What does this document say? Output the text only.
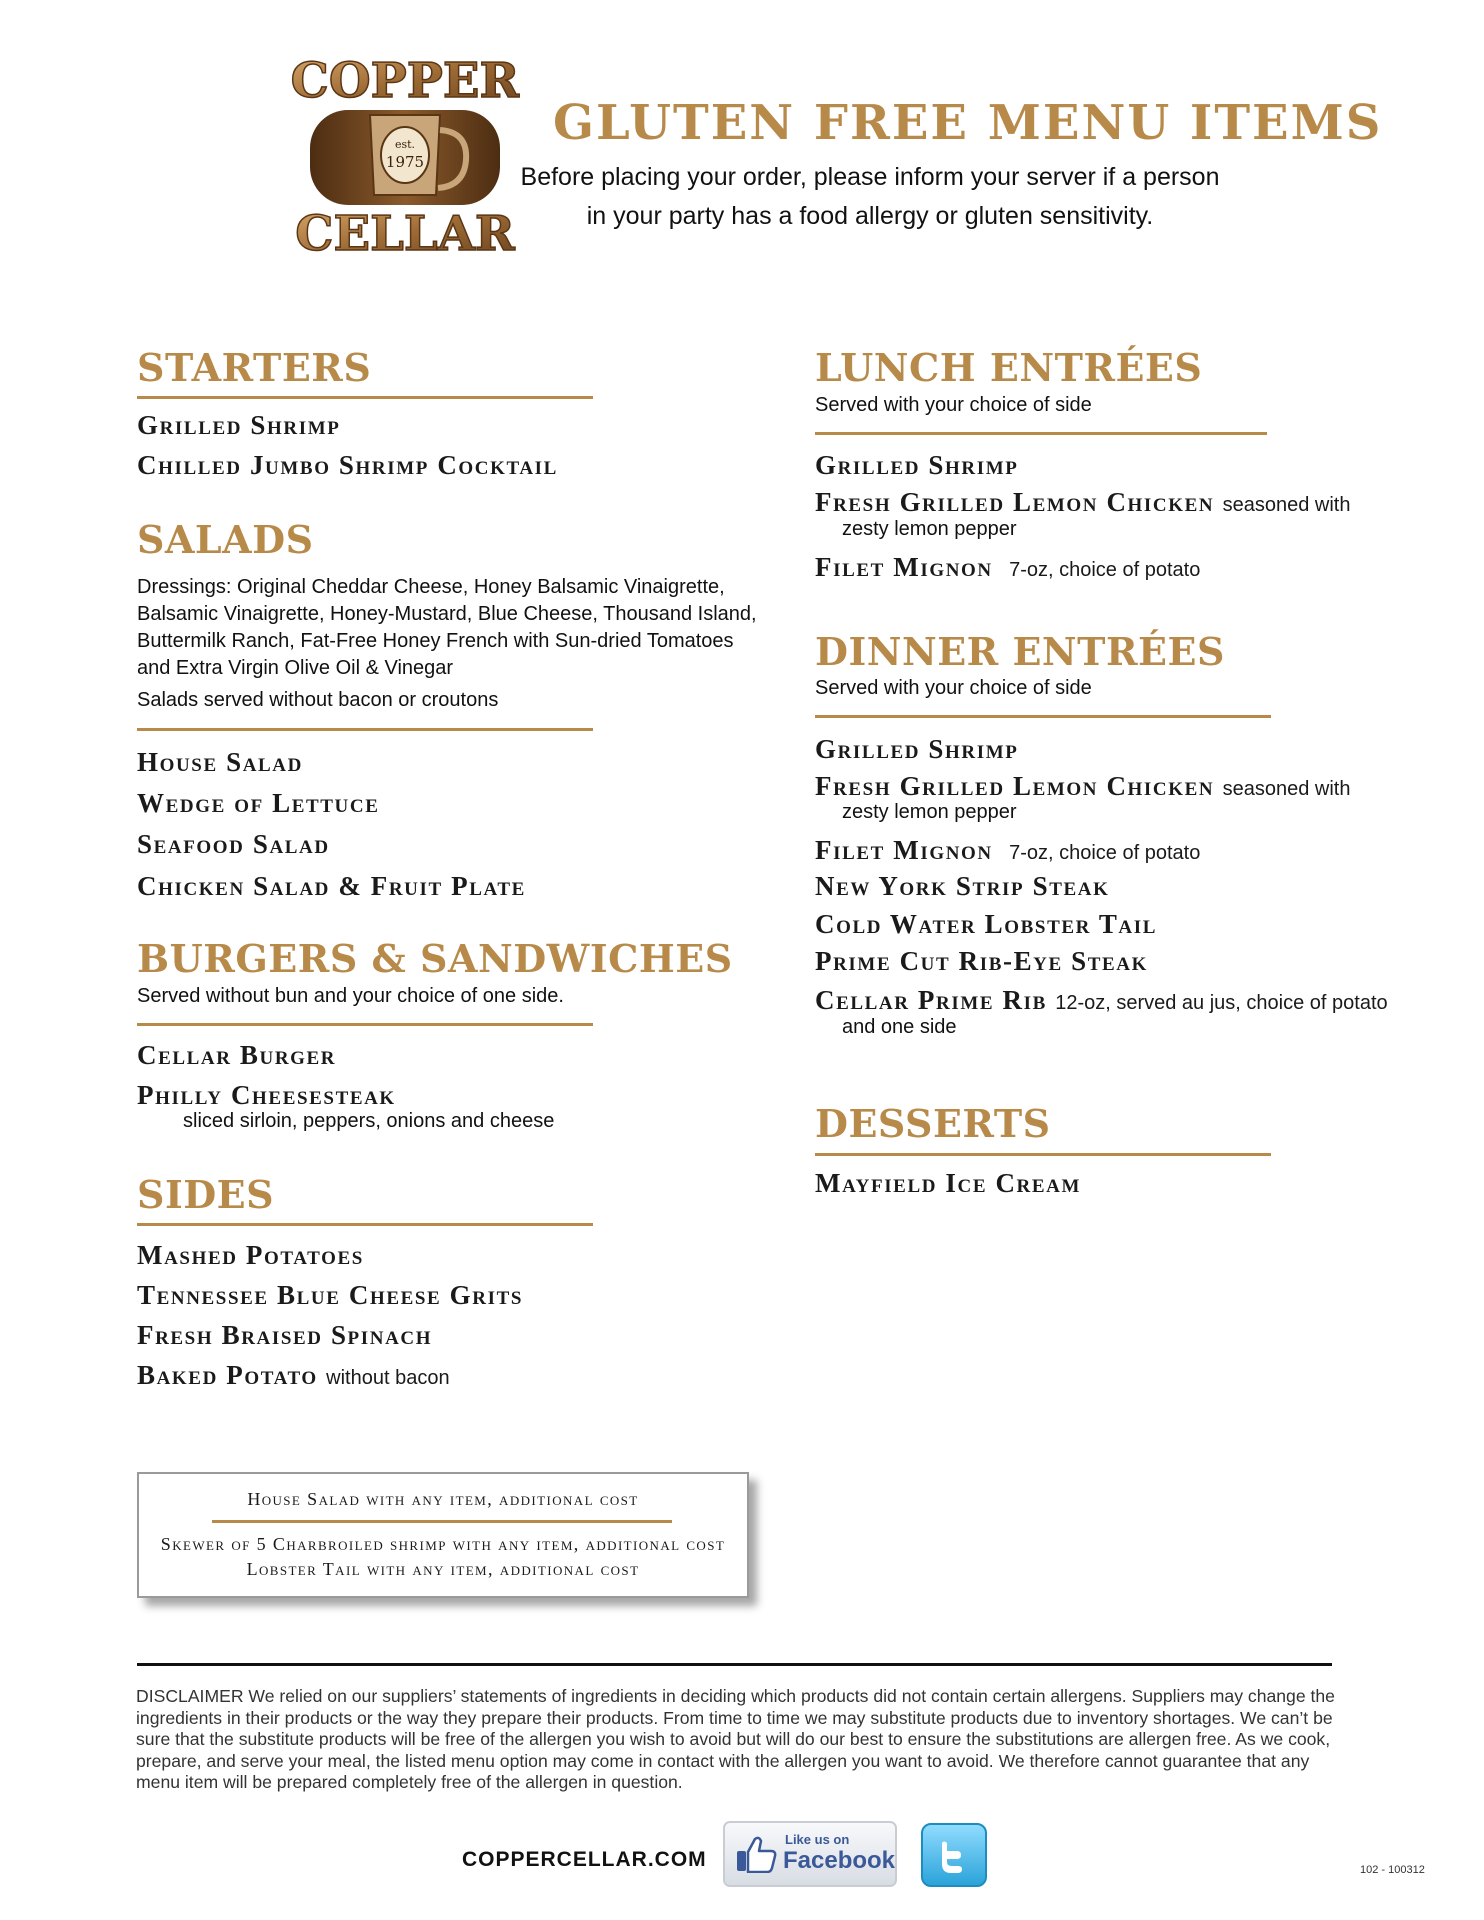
COPPER
est.
1975
CELLAR
GLUTEN FREE MENU ITEMS
Before placing your order, please inform your server if a person
in your party has a food allergy or gluten sensitivity.
STARTERS
Grilled Shrimp
Chilled Jumbo Shrimp Cocktail
SALADS
Dressings: Original Cheddar Cheese, Honey Balsamic Vinaigrette, Balsamic Vinaigrette, Honey-Mustard, Blue Cheese, Thousand Island, Buttermilk Ranch, Fat-Free Honey French with Sun-dried Tomatoes and Extra Virgin Olive Oil & Vinegar
Salads served without bacon or croutons
House Salad
Wedge of Lettuce
Seafood Salad
Chicken Salad & Fruit Plate
BURGERS & SANDWICHES
Served without bun and your choice of one side.
Cellar Burger
Philly Cheesesteak
sliced sirloin, peppers, onions and cheese
SIDES
Mashed Potatoes
Tennessee Blue Cheese Grits
Fresh Braised Spinach
Baked Potato without bacon
LUNCH ENTRÉES
Served with your choice of side
Grilled Shrimp
Fresh Grilled Lemon Chicken seasoned with
zesty lemon pepper
Filet Mignon 7-oz, choice of potato
DINNER ENTRÉES
Served with your choice of side
Grilled Shrimp
Fresh Grilled Lemon Chicken seasoned with
zesty lemon pepper
Filet Mignon 7-oz, choice of potato
New York Strip Steak
Cold Water Lobster Tail
Prime Cut Rib-Eye Steak
Cellar Prime Rib 12-oz, served au jus, choice of potato
and one side
DESSERTS
Mayfield Ice Cream
House Salad with any item, additional cost
Skewer of 5 Charbroiled shrimp with any item, additional cost
Lobster Tail with any item, additional cost
DISCLAIMER We relied on our suppliers’ statements of ingredients in deciding which products did not contain certain allergens. Suppliers may change the ingredients in their products or the way they prepare their products. From time to time we may substitute products due to inventory shortages. We can’t be sure that the substitute products will be free of the allergen you wish to avoid but will do our best to ensure the substitutions are allergen free. As we cook, prepare, and serve your meal, the listed menu option may come in contact with the allergen you want to avoid. We therefore cannot guarantee that any menu item will be prepared completely free of the allergen in question.
COPPERCELLAR.COM
Like us on
Facebook	102 - 100312
